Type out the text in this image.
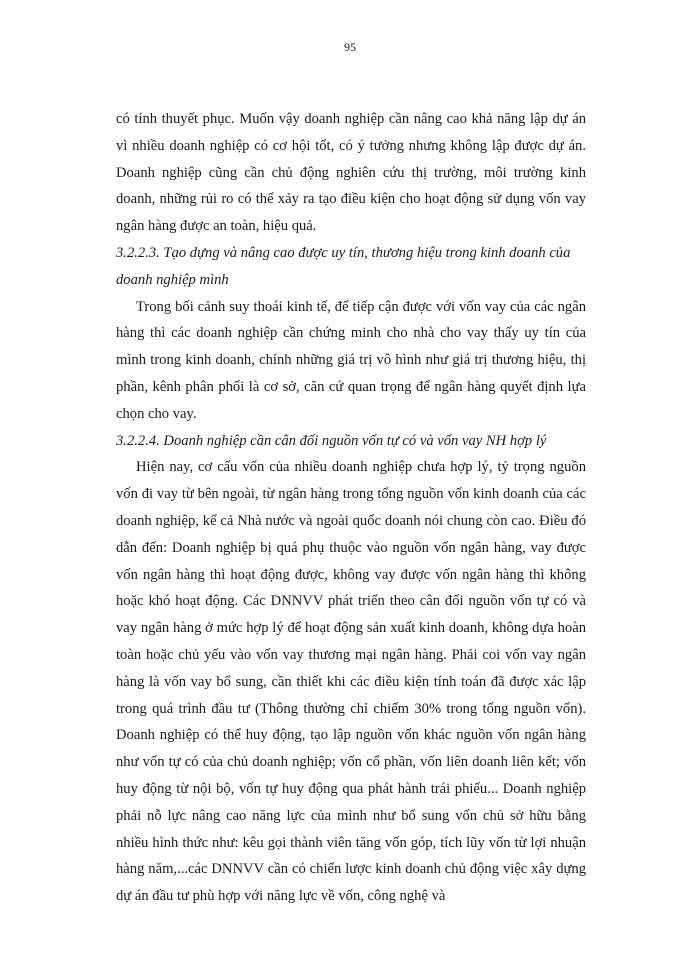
95

có tính thuyết phục. Muốn vậy doanh nghiệp cần nâng cao khả năng lập dự án vì nhiều doanh nghiệp có cơ hội tốt, có ý tưởng nhưng không lập được dự án. Doanh nghiệp cũng cần chủ động nghiên cứu thị trường, môi trường kinh doanh, những rủi ro có thể xảy ra tạo điều kiện cho hoạt động sử dụng vốn vay ngân hàng được an toàn, hiệu quả.

3.2.2.3. Tạo dựng và nâng cao được uy tín, thương hiệu trong kinh doanh của doanh nghiệp mình

Trong bối cảnh suy thoái kinh tế, để tiếp cận được với vốn vay của các ngân hàng thì các doanh nghiệp cần chứng minh cho nhà cho vay thấy uy tín của mình trong kinh doanh, chính những giá trị vô hình như giá trị thương hiệu, thị phần, kênh phân phối là cơ sở, căn cứ quan trọng để ngân hàng quyết định lựa chọn cho vay.

3.2.2.4. Doanh nghiệp cần cân đối nguồn vốn tự có và vốn vay NH hợp lý

Hiện nay, cơ cấu vốn của nhiều doanh nghiệp chưa hợp lý, tỷ trọng nguồn vốn đi vay từ bên ngoài, từ ngân hàng trong tổng nguồn vốn kinh doanh của các doanh nghiệp, kể cả Nhà nước và ngoài quốc doanh nói chung còn cao. Điều đó dẫn đến: Doanh nghiệp bị quá phụ thuộc vào nguồn vốn ngân hàng, vay được vốn ngân hàng thì hoạt động được, không vay được vốn ngân hàng thì không hoặc khó hoạt động. Các DNNVV phát triển theo cân đối nguồn vốn tự có và vay ngân hàng ở mức hợp lý để hoạt động sản xuất kinh doanh, không dựa hoàn toàn hoặc chủ yếu vào vốn vay thương mại ngân hàng. Phải coi vốn vay ngân hàng là vốn vay bổ sung, cần thiết khi các điều kiện tính toán đã được xác lập trong quá trình đầu tư (Thông thường chỉ chiếm 30% trong tổng nguồn vốn). Doanh nghiệp có thể huy động, tạo lập nguồn vốn khác nguồn vốn ngân hàng như vốn tự có của chủ doanh nghiệp; vốn cổ phần, vốn liên doanh liên kết; vốn huy động từ nội bộ, vốn tự huy động qua phát hành trái phiếu... Doanh nghiệp phải nỗ lực nâng cao năng lực của mình như bổ sung vốn chủ sở hữu bằng nhiều hình thức như: kêu gọi thành viên tăng vốn góp, tích lũy vốn từ lợi nhuận hàng năm,...các DNNVV cần có chiến lược kinh doanh chủ động việc xây dựng dự án đầu tư phù hợp với năng lực về vốn, công nghệ và
